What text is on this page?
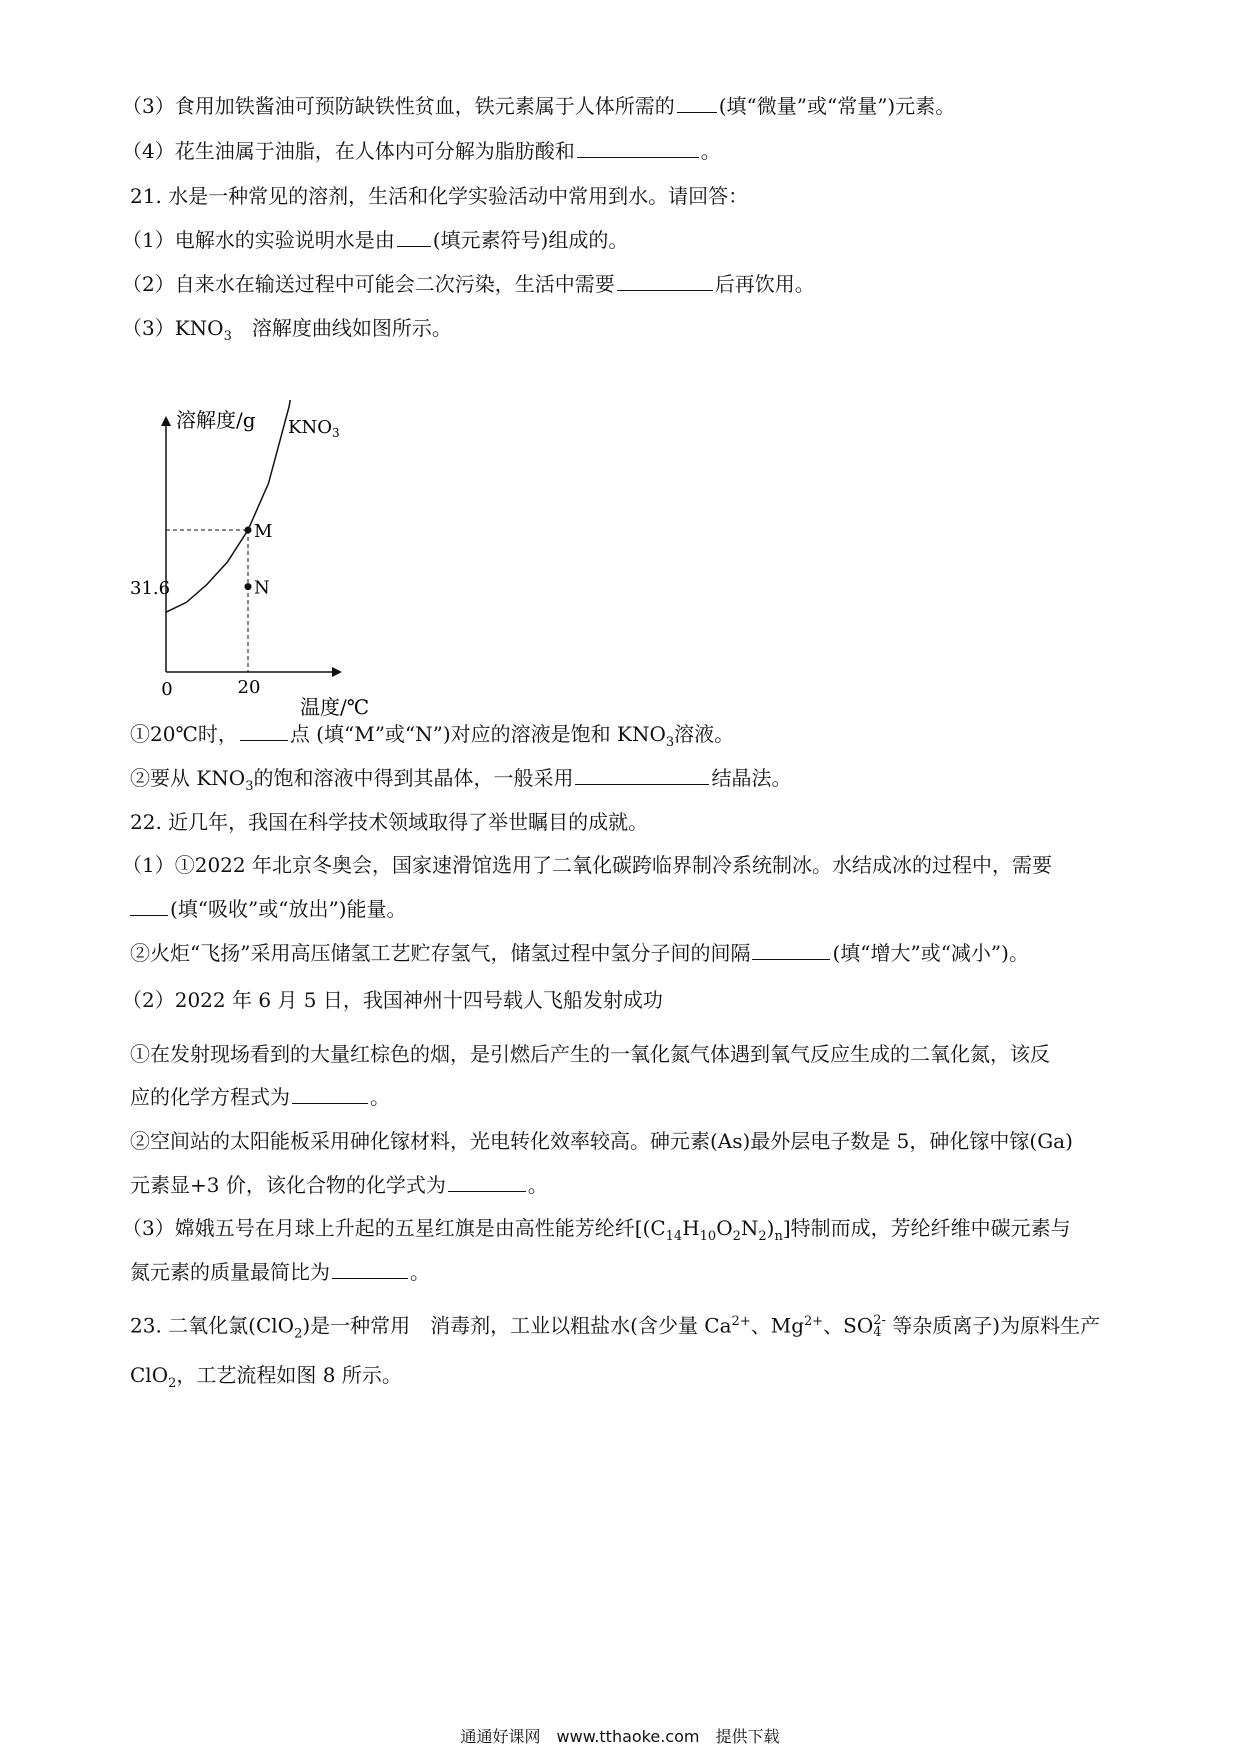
（3）食用加铁酱油可预防缺铁性贫血，铁元素属于人体所需的 (填“微量”或“常量”)元素。
（4）花生油属于油脂，在人体内可分解为脂肪酸和	。
21. 水是一种常见的溶剂，生活和化学实验活动中常用到水。请回答：
（1）电解水的实验说明水是由 (填元素符号)组成的。
（2）自来水在输送过程中可能会二次污染，生活中需要	后再饮用。
$(3)KNO_3$　溶解度曲线如图所示。
溶解度/g
温度/℃
0	20
31.6
$KNO_3$
M
N
①20℃时，	点 (填“M”或“N”)对应的溶液是饱和 $KNO_3$溶液。
②要从 $KNO_3$的饱和溶液中得到其晶体，一般采用	结晶法。
22. 近几年，我国在科学技术领域取得了举世瞩目的成就。
（1）①2022 年北京冬奥会，国家速滑馆选用了二氧化碳跨临界制冷系统制冰。水结成冰的过程中，需要
(填“吸收”或“放出”)能量。
②火炬“飞扬”采用高压储氢工艺贮存氢气，储氢过程中氢分子间的间隔	(填“增大”或“减小”)。
（2）2022 年 6 月 5 日，我国神州十四号载人飞船发射成功
①在发射现场看到的大量红棕色的烟，是引燃后产生的一氧化氮气体遇到氧气反应生成的二氧化氮，该反
应的化学方程式为	。
②空间站的太阳能板采用砷化镓材料，光电转化效率较高。砷元素(As)最外层电子数是 5，砷化镓中镓(Ga)
元素显+3 价，该化合物的化学式为	。
（3）嫦娥五号在月球上升起的五星红旗是由高性能芳纶纤$[(C_{14}H_{10}O_2N_2)_n]$特制而成，芳纶纤维中碳元素与
氮元素的质量最简比为	。
23. 二氧化氯(ClO$_2$)是一种常用　消毒剂，工业以粗盐水(含少量 $Ca^{2+}$、$Mg^{2+}$、SO 2-
4 等杂质离子)为原料生产
ClO$_2$，工艺流程如图 8 所示。
通通好课网　www.tthaoke.com　提供下载
